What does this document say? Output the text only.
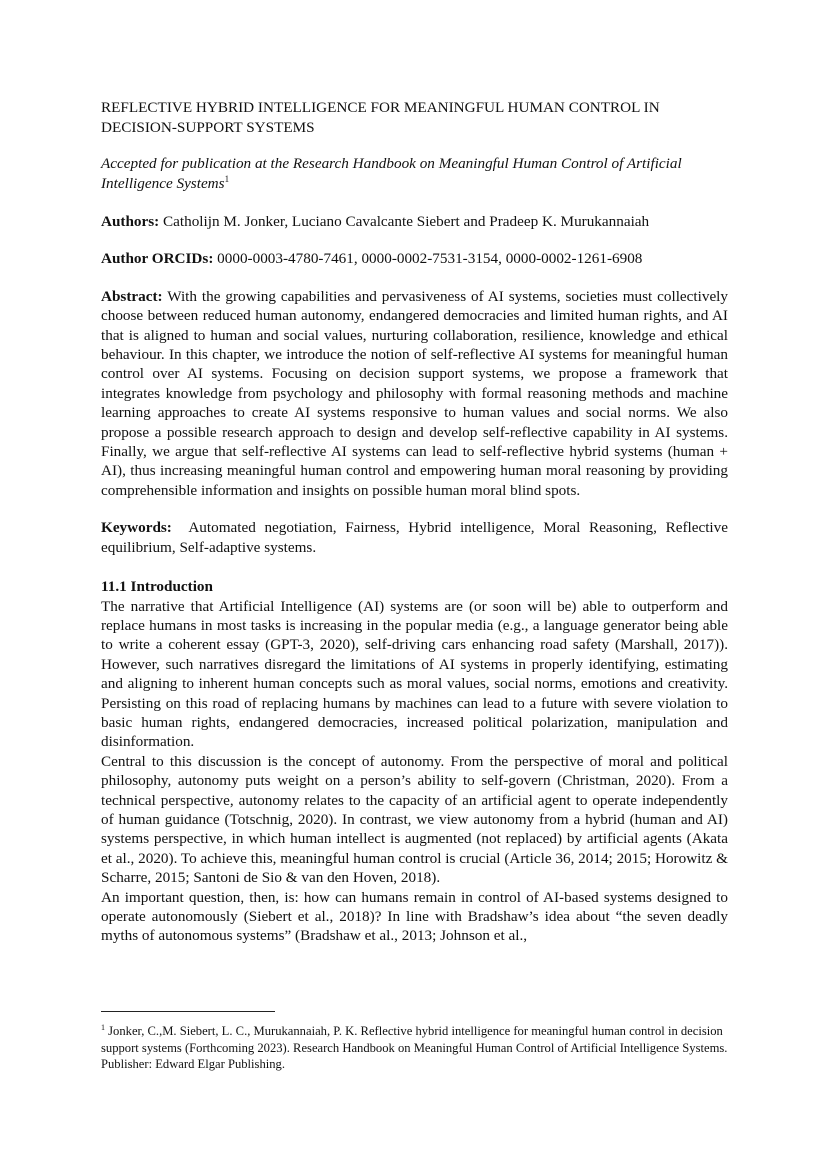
REFLECTIVE HYBRID INTELLIGENCE FOR MEANINGFUL HUMAN CONTROL IN DECISION-SUPPORT SYSTEMS

Accepted for publication at the Research Handbook on Meaningful Human Control of Artificial Intelligence Systems$^1$

Authors: Catholijn M. Jonker, Luciano Cavalcante Siebert and Pradeep K. Murukannaiah

Author ORCIDs: 0000-0003-4780-7461, 0000-0002-7531-3154, 0000-0002-1261-6908

Abstract: With the growing capabilities and pervasiveness of AI systems, societies must collectively choose between reduced human autonomy, endangered democracies and limited human rights, and AI that is aligned to human and social values, nurturing collaboration, resilience, knowledge and ethical behaviour. In this chapter, we introduce the notion of self-reflective AI systems for meaningful human control over AI systems. Focusing on decision support systems, we propose a framework that integrates knowledge from psychology and philosophy with formal reasoning methods and machine learning approaches to create AI systems responsive to human values and social norms. We also propose a possible research approach to design and develop self-reflective capability in AI systems. Finally, we argue that self-reflective AI systems can lead to self-reflective hybrid systems (human + AI), thus increasing meaningful human control and empowering human moral reasoning by providing comprehensible information and insights on possible human moral blind spots.

Keywords: Automated negotiation, Fairness, Hybrid intelligence, Moral Reasoning, Reflective equilibrium, Self-adaptive systems.

11.1 Introduction

The narrative that Artificial Intelligence (AI) systems are (or soon will be) able to outperform and replace humans in most tasks is increasing in the popular media (e.g., a language generator being able to write a coherent essay (GPT-3, 2020), self-driving cars enhancing road safety (Marshall, 2017)). However, such narratives disregard the limitations of AI systems in properly identifying, estimating and aligning to inherent human concepts such as moral values, social norms, emotions and creativity. Persisting on this road of replacing humans by machines can lead to a future with severe violation to basic human rights, endangered democracies, increased political polarization, manipulation and disinformation.

Central to this discussion is the concept of autonomy. From the perspective of moral and political philosophy, autonomy puts weight on a person’s ability to self-govern (Christman, 2020). From a technical perspective, autonomy relates to the capacity of an artificial agent to operate independently of human guidance (Totschnig, 2020). In contrast, we view autonomy from a hybrid (human and AI) systems perspective, in which human intellect is augmented (not replaced) by artificial agents (Akata et al., 2020). To achieve this, meaningful human control is crucial (Article 36, 2014; 2015; Horowitz & Scharre, 2015; Santoni de Sio & van den Hoven, 2018).

An important question, then, is: how can humans remain in control of AI-based systems designed to operate autonomously (Siebert et al., 2018)? In line with Bradshaw’s idea about “the seven deadly myths of autonomous systems” (Bradshaw et al., 2013; Johnson et al.,

$^1$ Jonker, C.,M. Siebert, L. C., Murukannaiah, P. K. Reflective hybrid intelligence for meaningful human control in decision support systems (Forthcoming 2023). Research Handbook on Meaningful Human Control of Artificial Intelligence Systems. Publisher: Edward Elgar Publishing.
